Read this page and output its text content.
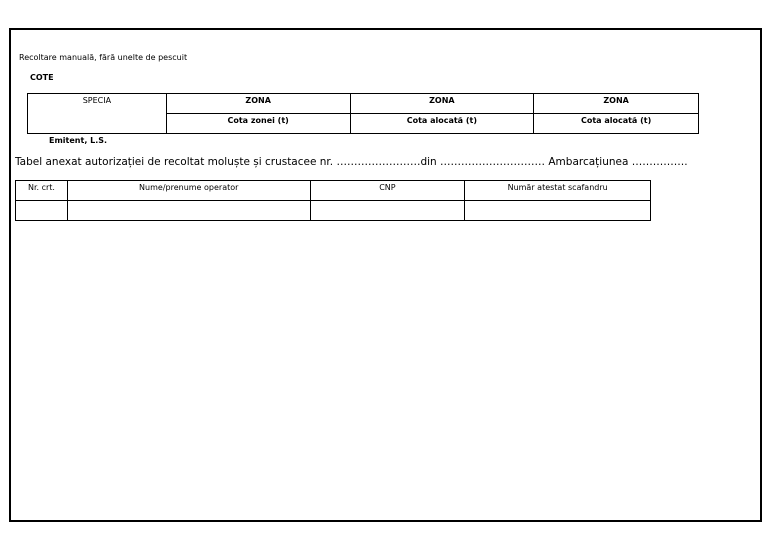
Recoltare manuală, fără unelte de pescuit
COTE
SPECIA	ZONA	ZONA	ZONA
	Cota zonei (t)	Cota alocată (t)	Cota alocată (t)
Emitent, L.S.
Tabel anexat autorizației de recoltat moluște și crustacee nr. ……………………din ………………………… Ambarcațiunea …………….
Nr. crt.	Nume/prenume operator	CNP	Număr atestat scafandru
